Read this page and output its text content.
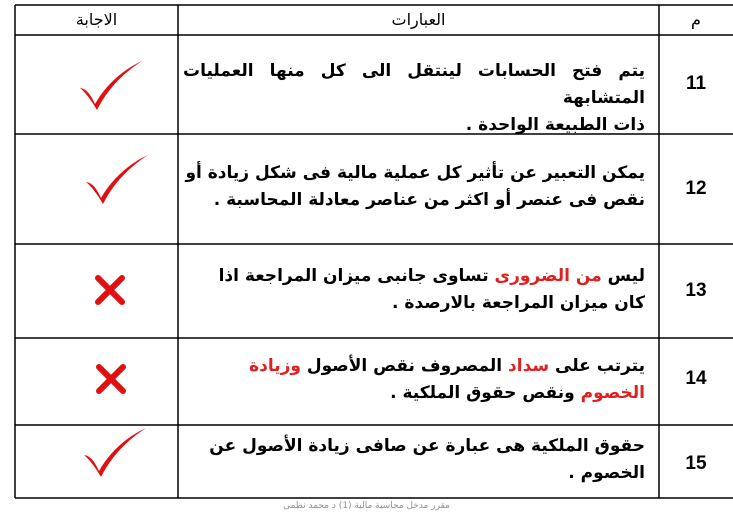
م
العبارات
الاجابة
11
يتم فتح الحسابات لينتقل الى كل منها العمليات المتشابهة
ذات الطبيعة الواحدة .
12
يمكن التعبير عن تأثير كل عملية مالية فى شكل زيادة أو
نقص فى عنصر أو اكثر من عناصر معادلة المحاسبة .
13
ليس من الضرورى تساوى جانبى ميزان المراجعة اذا
كان ميزان المراجعة بالارصدة .
14
يترتب على سداد المصروف نقص الأصول وزيادة
الخصوم ونقص حقوق الملكية .
15
حقوق الملكية هى عبارة عن صافى زيادة الأصول عن
الخصوم .
مقرر مدخل محاسبة مالية (1) د محمد نظمى
